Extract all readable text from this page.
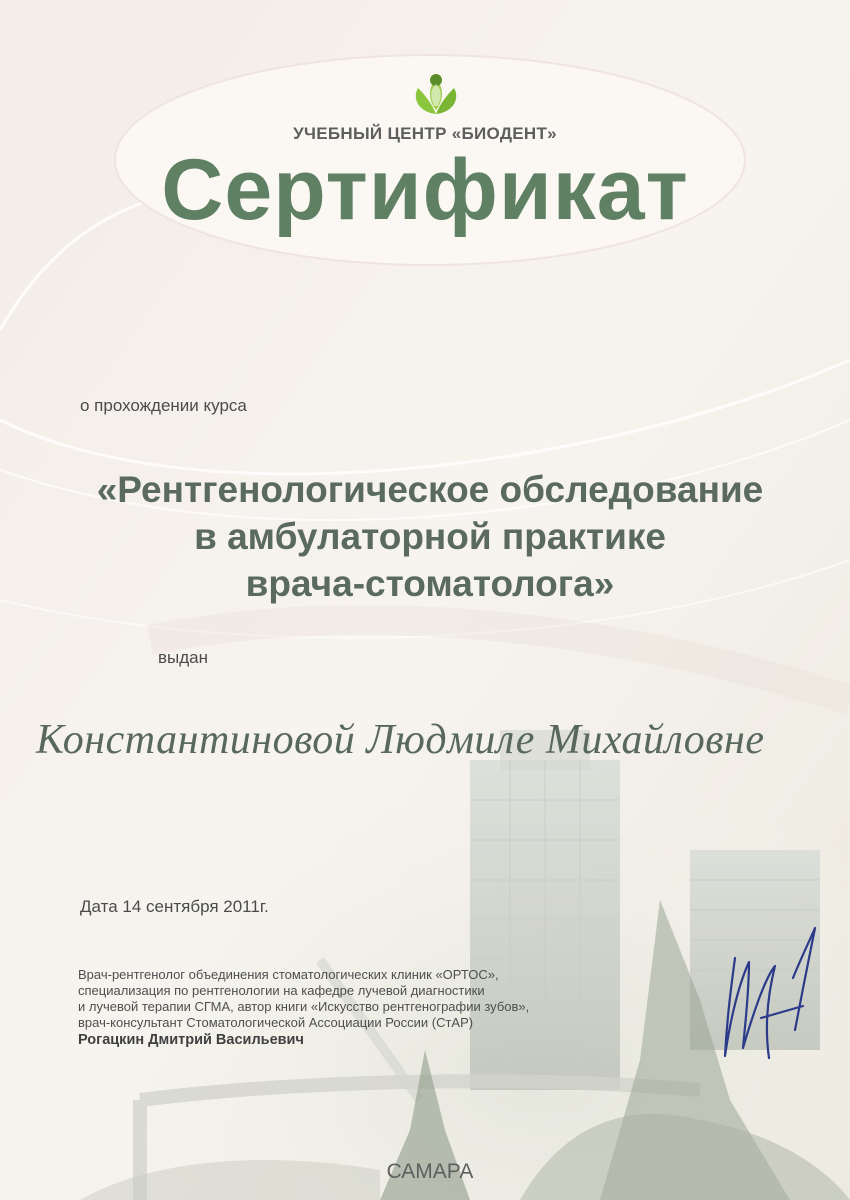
УЧЕБНЫЙ ЦЕНТР «БИОДЕНТ»
Сертификат
о прохождении курса
«Рентгенологическое обследование
в амбулаторной практике
врача-стоматолога»
выдан
Константиновой Людмиле Михайловне
Дата 14 сентября 2011г.
Врач-рентгенолог объединения стоматологических клиник «ОРТОС»,
специализация по рентгенологии на кафедре лучевой диагностики
и лучевой терапии СГМА, автор книги «Искусство рентгенографии зубов»,
врач-консультант Стоматологической Ассоциации России (СтАР)
Рогацкин Дмитрий Васильевич
САМАРА
